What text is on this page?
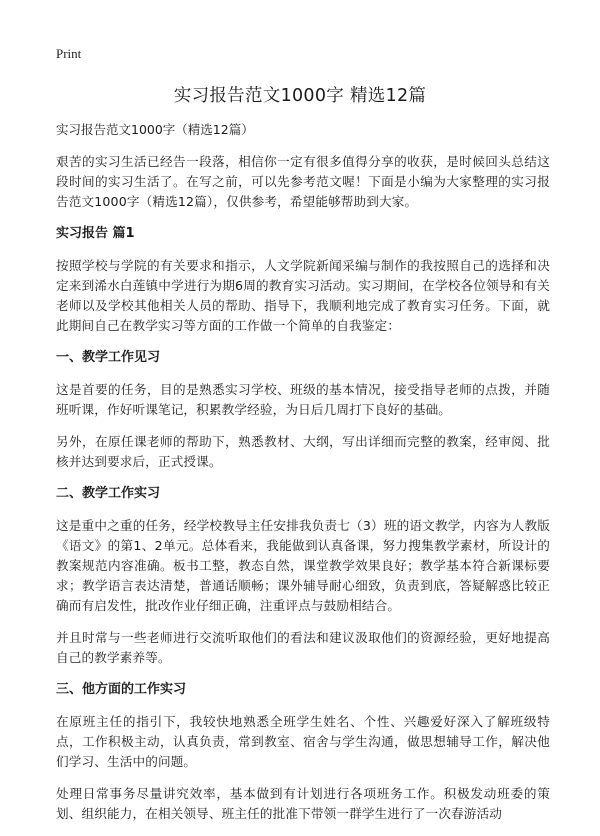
Print
实习报告范文1000字 精选12篇
实习报告范文1000字（精选12篇）

艰苦的实习生活已经告一段落，相信你一定有很多值得分享的收获，是时候回头总结这段时间的实习生活了。在写之前，可以先参考范文喔！下面是小编为大家整理的实习报告范文1000字（精选12篇），仅供参考，希望能够帮助到大家。

实习报告 篇1

按照学校与学院的有关要求和指示，人文学院新闻采编与制作的我按照自己的选择和决定来到浠水白莲镇中学进行为期6周的教育实习活动。实习期间，在学校各位领导和有关老师以及学校其他相关人员的帮助、指导下，我顺利地完成了教育实习任务。下面，就此期间自己在教学实习等方面的工作做一个简单的自我鉴定：

一、教学工作见习

这是首要的任务，目的是熟悉实习学校、班级的基本情况，接受指导老师的点拨，并随班听课，作好听课笔记，积累教学经验，为日后几周打下良好的基础。

另外，在原任课老师的帮助下，熟悉教材、大纲，写出详细而完整的教案，经审阅、批核并达到要求后，正式授课。

二、教学工作实习

这是重中之重的任务，经学校教导主任安排我负责七（3）班的语文教学，内容为人教版《语文》的第1、2单元。总体看来，我能做到认真备课，努力搜集教学素材，所设计的教案规范内容准确。板书工整，教态自然，课堂教学效果良好；教学基本符合新课标要求；教学语言表达清楚，普通话顺畅；课外辅导耐心细致，负责到底，答疑解惑比较正确而有启发性，批改作业仔细正确，注重评点与鼓励相结合。

并且时常与一些老师进行交流听取他们的看法和建议汲取他们的资源经验，更好地提高自己的教学素养等。

三、他方面的工作实习

在原班主任的指引下，我较快地熟悉全班学生姓名、个性、兴趣爱好深入了解班级特点，工作积极主动，认真负责，常到教室、宿舍与学生沟通，做思想辅导工作，解决他们学习、生活中的问题。

处理日常事务尽量讲究效率，基本做到有计划进行各项班务工作。积极发动班委的策划、组织能力，在相关领导、班主任的批准下带领一群学生进行了一次春游活动
